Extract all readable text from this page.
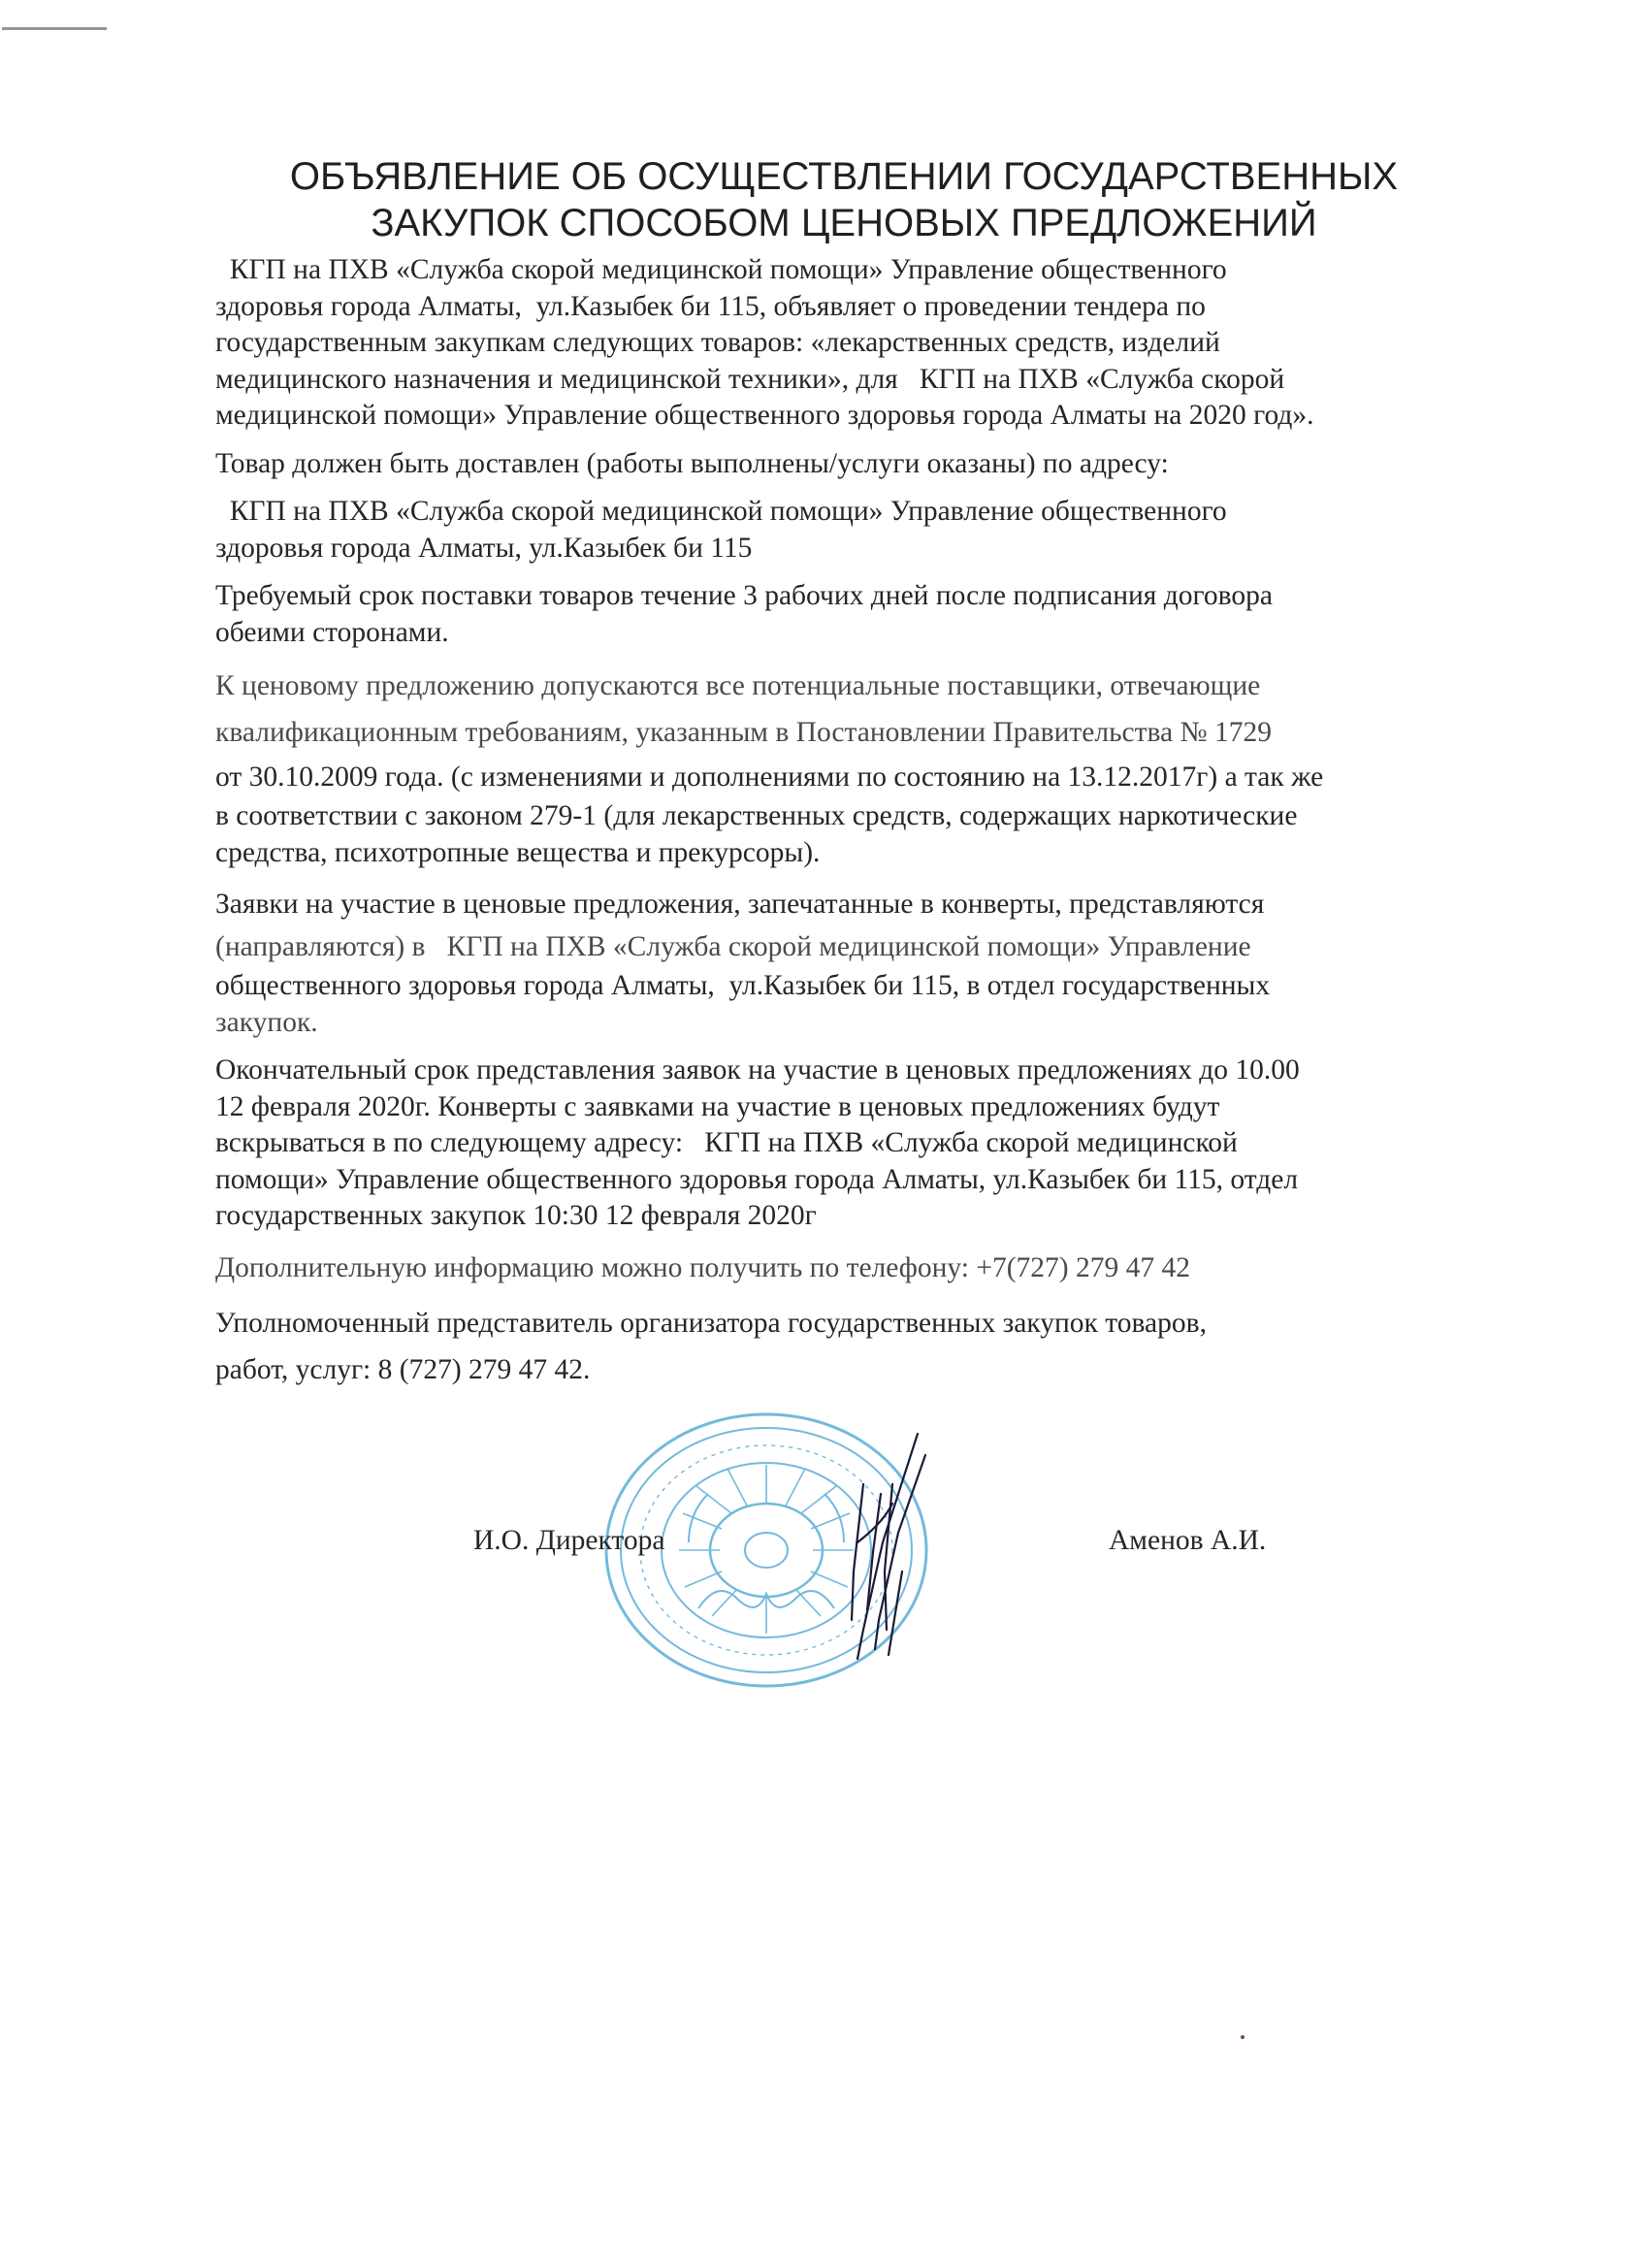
ОБЪЯВЛЕНИЕ ОБ ОСУЩЕСТВЛЕНИИ ГОСУДАРСТВЕННЫХ
ЗАКУПОК СПОСОБОМ ЦЕНОВЫХ ПРЕДЛОЖЕНИЙ
КГП на ПХВ «Служба скорой медицинской помощи» Управление общественного
здоровья города Алматы,  ул.Казыбек би 115, объявляет о проведении тендера по
государственным закупкам следующих товаров: «лекарственных средств, изделий
медицинского назначения и медицинской техники», для   КГП на ПХВ «Служба скорой
медицинской помощи» Управление общественного здоровья города Алматы на 2020 год».
Товар должен быть доставлен (работы выполнены/услуги оказаны) по адресу:
КГП на ПХВ «Служба скорой медицинской помощи» Управление общественного
здоровья города Алматы, ул.Казыбек би 115
Требуемый срок поставки товаров течение 3 рабочих дней после подписания договора
обеими сторонами.
К ценовому предложению допускаются все потенциальные поставщики, отвечающие
квалификационным требованиям, указанным в Постановлении Правительства № 1729
от 30.10.2009 года. (с изменениями и дополнениями по состоянию на 13.12.2017г) а так же
в соответствии с законом 279-1 (для лекарственных средств, содержащих наркотические
средства, психотропные вещества и прекурсоры).
Заявки на участие в ценовые предложения, запечатанные в конверты, представляются
(направляются) в   КГП на ПХВ «Служба скорой медицинской помощи» Управление
общественного здоровья города Алматы,  ул.Казыбек би 115, в отдел государственных
закупок.
Окончательный срок представления заявок на участие в ценовых предложениях до 10.00
12 февраля 2020г. Конверты с заявками на участие в ценовых предложениях будут
вскрываться в по следующему адресу:   КГП на ПХВ «Служба скорой медицинской
помощи» Управление общественного здоровья города Алматы, ул.Казыбек би 115, отдел
государственных закупок 10:30 12 февраля 2020г
Дополнительную информацию можно получить по телефону: +7(727) 279 47 42
Уполномоченный представитель организатора государственных закупок товаров,
работ, услуг: 8 (727) 279 47 42.
И.О. Директора	Аменов А.И.
